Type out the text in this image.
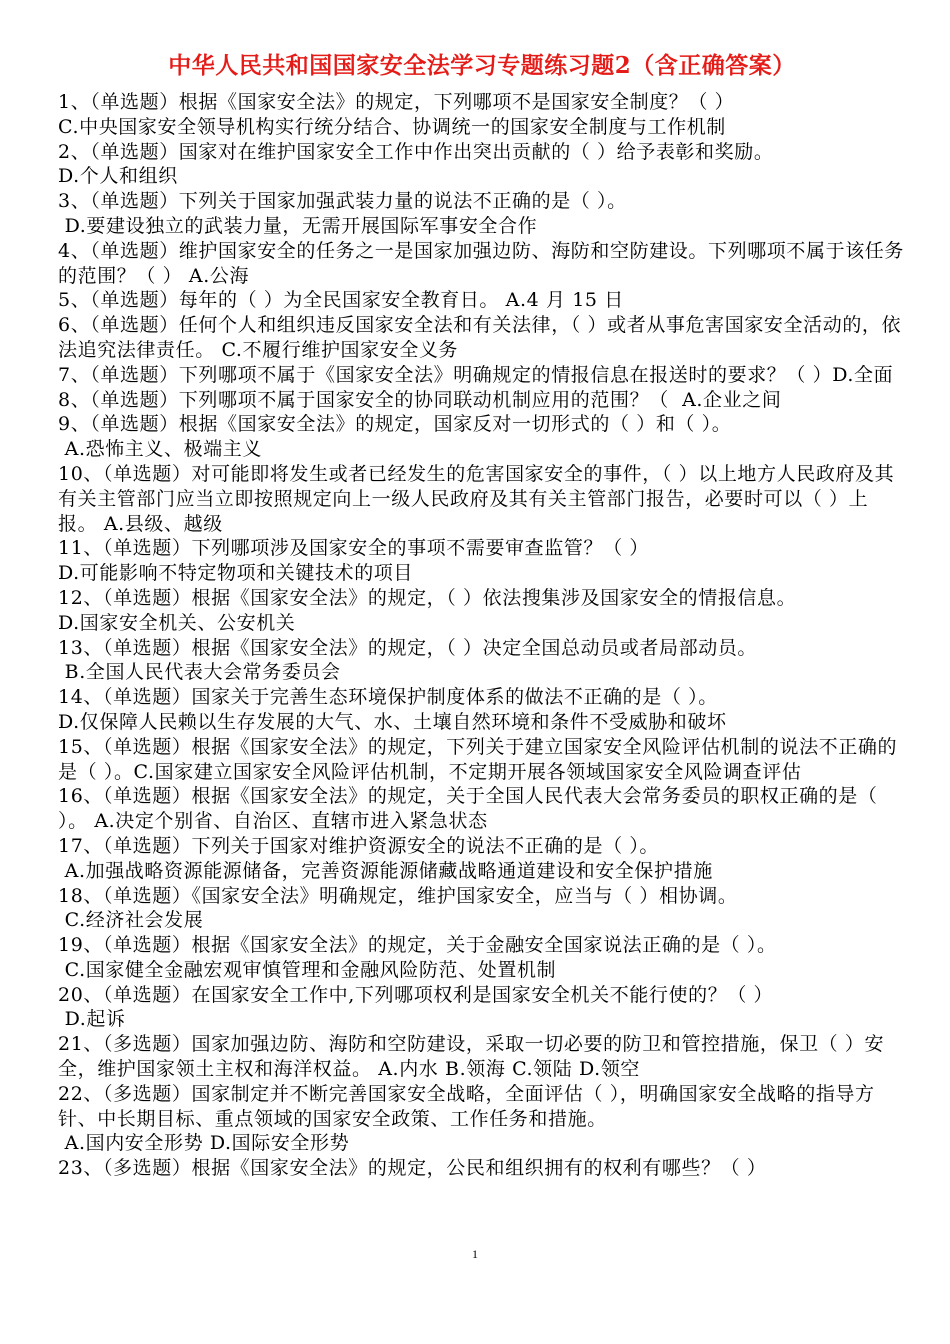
中华人民共和国国家安全法学习专题练习题2（含正确答案）
1、（单选题）根据《国家安全法》的规定，下列哪项不是国家安全制度？（ ）
C.中央国家安全领导机构实行统分结合、协调统一的国家安全制度与工作机制
2、（单选题）国家对在维护国家安全工作中作出突出贡献的（ ）给予表彰和奖励。
D.个人和组织
3、（单选题）下列关于国家加强武装力量的说法不正确的是（ ）。
D.要建设独立的武装力量，无需开展国际军事安全合作
4、（单选题）维护国家安全的任务之一是国家加强边防、海防和空防建设。下列哪项不属于该任务的范围？（ ） A.公海
5、（单选题）每年的（ ）为全民国家安全教育日。 A.4 月 15 日
6、（单选题）任何个人和组织违反国家安全法和有关法律，（ ）或者从事危害国家安全活动的，依法追究法律责任。 C.不履行维护国家安全义务
7、（单选题）下列哪项不属于《国家安全法》明确规定的情报信息在报送时的要求？（ ）D.全面
8、（单选题）下列哪项不属于国家安全的协同联动机制应用的范围？（  A.企业之间
9、（单选题）根据《国家安全法》的规定，国家反对一切形式的（ ）和（ ）。
A.恐怖主义、极端主义
10、（单选题）对可能即将发生或者已经发生的危害国家安全的事件，（ ）以上地方人民政府及其有关主管部门应当立即按照规定向上一级人民政府及其有关主管部门报告，必要时可以（ ）上报。 A.县级、越级
11、（单选题）下列哪项涉及国家安全的事项不需要审查监管？（ ）
D.可能影响不特定物项和关键技术的项目
12、（单选题）根据《国家安全法》的规定，（ ）依法搜集涉及国家安全的情报信息。
D.国家安全机关、公安机关
13、（单选题）根据《国家安全法》的规定，（ ）决定全国总动员或者局部动员。
B.全国人民代表大会常务委员会
14、（单选题）国家关于完善生态环境保护制度体系的做法不正确的是（ ）。
D.仅保障人民赖以生存发展的大气、水、土壤自然环境和条件不受威胁和破坏
15、（单选题）根据《国家安全法》的规定，下列关于建立国家安全风险评估机制的说法不正确的是（ ）。C.国家建立国家安全风险评估机制，不定期开展各领域国家安全风险调查评估
16、（单选题）根据《国家安全法》的规定，关于全国人民代表大会常务委员的职权正确的是（ ）。 A.决定个别省、自治区、直辖市进入紧急状态
17、（单选题）下列关于国家对维护资源安全的说法不正确的是（ ）。
A.加强战略资源能源储备，完善资源能源储藏战略通道建设和安全保护措施
18、（单选题）《国家安全法》明确规定，维护国家安全，应当与（ ）相协调。
C.经济社会发展
19、（单选题）根据《国家安全法》的规定，关于金融安全国家说法正确的是（ ）。
C.国家健全金融宏观审慎管理和金融风险防范、处置机制
20、（单选题）在国家安全工作中,下列哪项权利是国家安全机关不能行使的？（ ）
D.起诉
21、（多选题）国家加强边防、海防和空防建设，采取一切必要的防卫和管控措施，保卫（ ）安全，维护国家领土主权和海洋权益。 A.内水 B.领海 C.领陆 D.领空
22、（多选题）国家制定并不断完善国家安全战略，全面评估（ ），明确国家安全战略的指导方针、中长期目标、重点领域的国家安全政策、工作任务和措施。
A.国内安全形势 D.国际安全形势
23、（多选题）根据《国家安全法》的规定，公民和组织拥有的权利有哪些？（ ）
1
